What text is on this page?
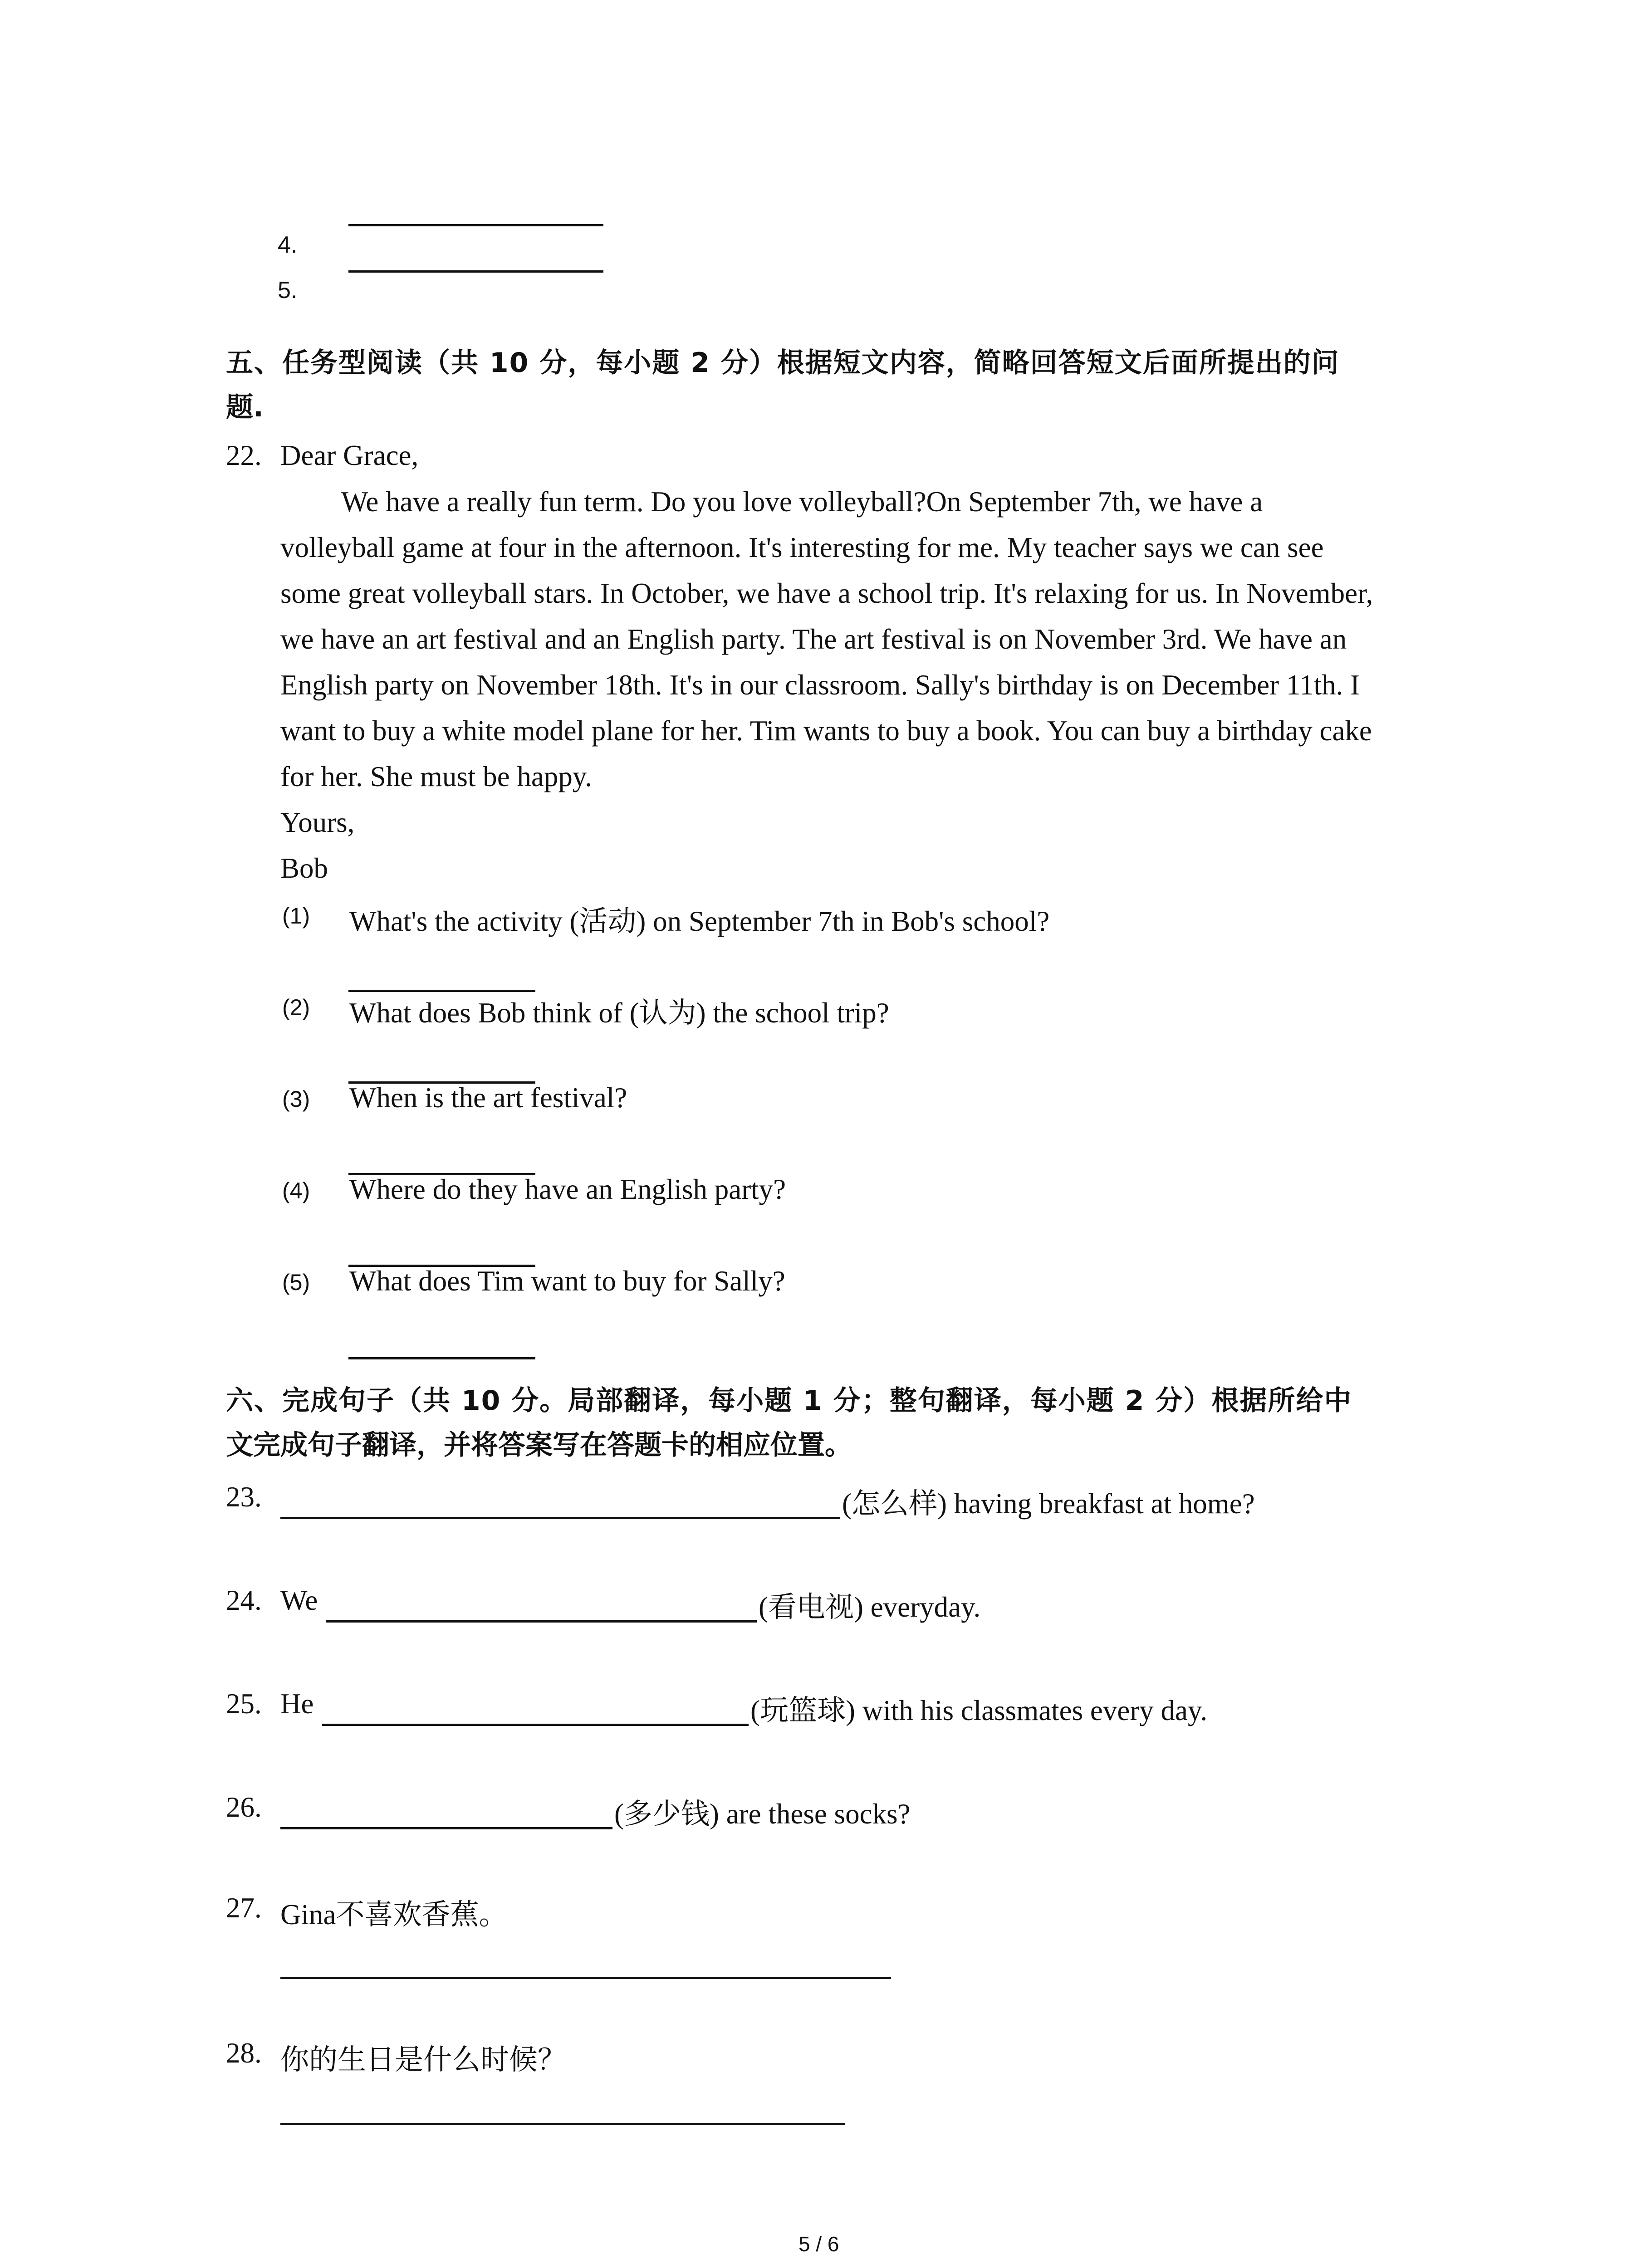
4.
5.
五、任务型阅读（共 10 分，每小题 2 分）根据短文内容，简略回答短文后面所提出的问
题.
22. Dear Grace,
We have a really fun term. Do you love volleyball?On September 7th, we have a
volleyball game at four in the afternoon. It's interesting for me. My teacher says we can see
some great volleyball stars. In October, we have a school trip. It's relaxing for us. In November,
we have an art festival and an English party. The art festival is on November 3rd. We have an
English party on November 18th. It's in our classroom. Sally's birthday is on December 11th. I
want to buy a white model plane for her. Tim wants to buy a book. You can buy a birthday cake
for her. She must be happy.
Yours,
Bob
(1) What's the activity (活动) on September 7th in Bob's school?
(2) What does Bob think of (认为) the school trip?
(3) When is the art festival?
(4) Where do they have an English party?
(5) What does Tim want to buy for Sally?
六、完成句子（共 10 分。局部翻译，每小题 1 分；整句翻译，每小题 2 分）根据所给中
文完成句子翻译，并将答案写在答题卡的相应位置。
23.	(怎么样) having breakfast at home?
24. We	(看电视) everyday.
25. He	(玩篮球) with his classmates every day.
26.	(多少钱) are these socks?
27. Gina不喜欢香蕉。
28. 你的生日是什么时候？
5 / 6
